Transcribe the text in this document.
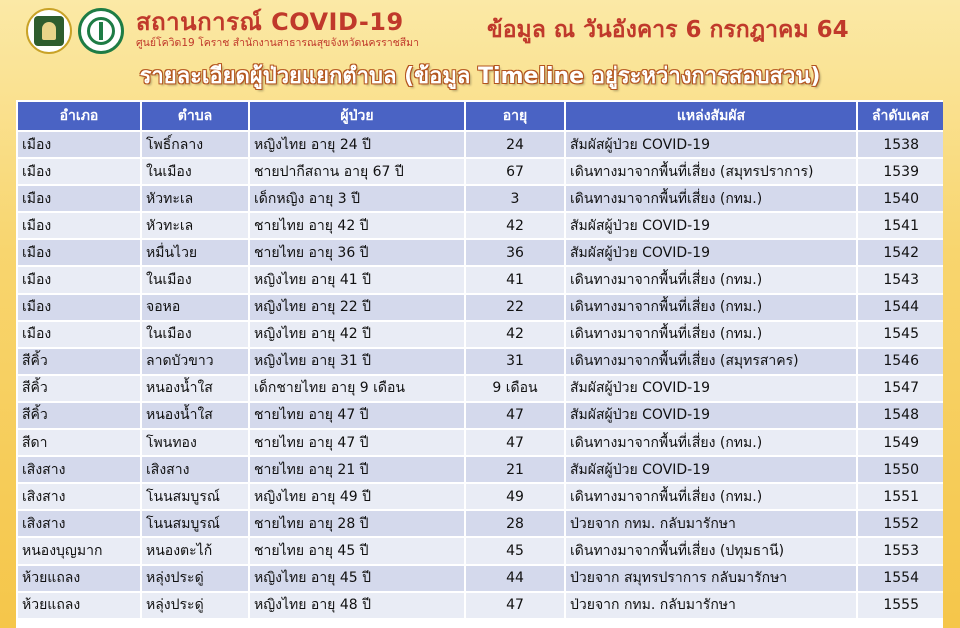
สถานการณ์ COVID-19
ศูนย์โควิด19 โคราช สำนักงานสาธารณสุขจังหวัดนครราชสีมา	ข้อมูล ณ วันอังคาร 6 กรกฎาคม 64
รายละเอียดผู้ป่วยแยกตำบล (ข้อมูล Timeline อยู่ระหว่างการสอบสวน)
อำเภอ	ตำบล	ผู้ป่วย	อายุ	แหล่งสัมผัส	ลำดับเคส
เมือง	โพธิ์กลาง	หญิงไทย อายุ 24 ปี	24	สัมผัสผู้ป่วย COVID-19	1538
เมือง	ในเมือง	ชายปากีสถาน อายุ 67 ปี	67	เดินทางมาจากพื้นที่เสี่ยง (สมุทรปราการ)	1539
เมือง	หัวทะเล	เด็กหญิง อายุ 3 ปี	3	เดินทางมาจากพื้นที่เสี่ยง (กทม.)	1540
เมือง	หัวทะเล	ชายไทย อายุ 42 ปี	42	สัมผัสผู้ป่วย COVID-19	1541
เมือง	หมื่นไวย	ชายไทย อายุ 36 ปี	36	สัมผัสผู้ป่วย COVID-19	1542
เมือง	ในเมือง	หญิงไทย อายุ 41 ปี	41	เดินทางมาจากพื้นที่เสี่ยง (กทม.)	1543
เมือง	จอหอ	หญิงไทย อายุ 22 ปี	22	เดินทางมาจากพื้นที่เสี่ยง (กทม.)	1544
เมือง	ในเมือง	หญิงไทย อายุ 42 ปี	42	เดินทางมาจากพื้นที่เสี่ยง (กทม.)	1545
สีคิ้ว	ลาดบัวขาว	หญิงไทย อายุ 31 ปี	31	เดินทางมาจากพื้นที่เสี่ยง (สมุทรสาคร)	1546
สีคิ้ว	หนองน้ำใส	เด็กชายไทย อายุ 9 เดือน	9 เดือน	สัมผัสผู้ป่วย COVID-19	1547
สีคิ้ว	หนองน้ำใส	ชายไทย อายุ 47 ปี	47	สัมผัสผู้ป่วย COVID-19	1548
สีดา	โพนทอง	ชายไทย อายุ 47 ปี	47	เดินทางมาจากพื้นที่เสี่ยง (กทม.)	1549
เสิงสาง	เสิงสาง	ชายไทย อายุ 21 ปี	21	สัมผัสผู้ป่วย COVID-19	1550
เสิงสาง	โนนสมบูรณ์	หญิงไทย อายุ 49 ปี	49	เดินทางมาจากพื้นที่เสี่ยง (กทม.)	1551
เสิงสาง	โนนสมบูรณ์	ชายไทย อายุ 28 ปี	28	ป่วยจาก กทม. กลับมารักษา	1552
หนองบุญมาก	หนองตะไก้	ชายไทย อายุ 45 ปี	45	เดินทางมาจากพื้นที่เสี่ยง (ปทุมธานี)	1553
ห้วยแถลง	หลุ่งประดู่	หญิงไทย อายุ 45 ปี	44	ป่วยจาก สมุทรปราการ กลับมารักษา	1554
ห้วยแถลง	หลุ่งประดู่	หญิงไทย อายุ 48 ปี	47	ป่วยจาก กทม. กลับมารักษา	1555
